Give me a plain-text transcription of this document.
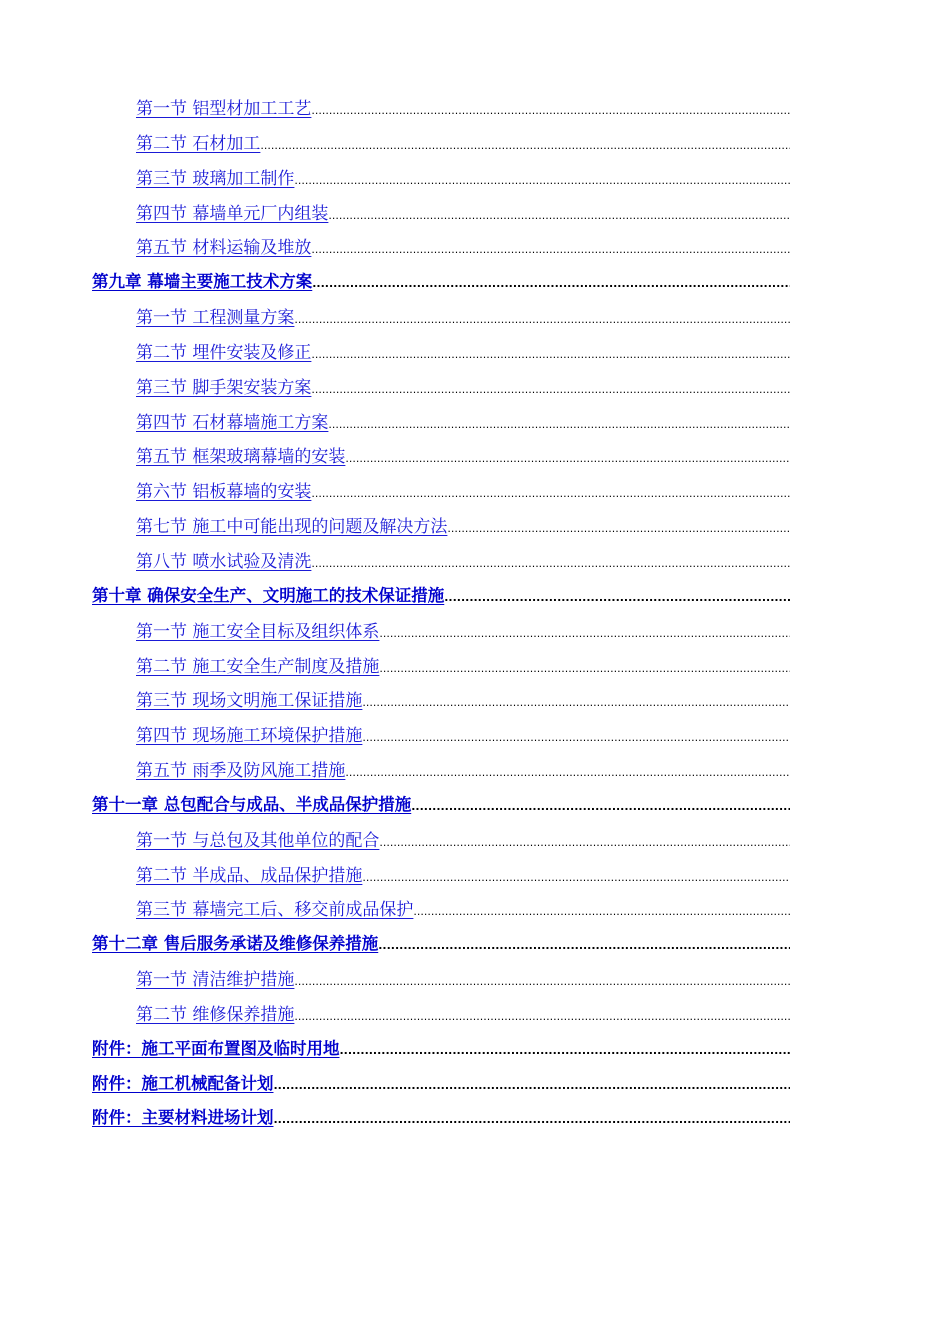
第一节 铝型材加工工艺
.....
第二节 石材加工
.....
第三节 玻璃加工制作
.....
第四节 幕墙单元厂内组装
.....
第五节 材料运输及堆放
.....
第九章 幕墙主要施工技术方案
.....
第一节 工程测量方案
.....
第二节 埋件安装及修正
.....
第三节 脚手架安装方案
.....
第四节 石材幕墙施工方案
.....
第五节 框架玻璃幕墙的安装
.....
第六节 铝板幕墙的安装
.....
第七节 施工中可能出现的问题及解决方法
.....
第八节 喷水试验及清洗
.....
第十章 确保安全生产、文明施工的技术保证措施
.....
第一节 施工安全目标及组织体系
.....
第二节 施工安全生产制度及措施
.....
第三节 现场文明施工保证措施
.....
第四节 现场施工环境保护措施
.....
第五节 雨季及防风施工措施
.....
第十一章 总包配合与成品、半成品保护措施
.....
第一节 与总包及其他单位的配合
.....
第二节 半成品、成品保护措施
.....
第三节 幕墙完工后、移交前成品保护
.....
第十二章 售后服务承诺及维修保养措施
.....
第一节 清洁维护措施
.....
第二节 维修保养措施
.....
附件：施工平面布置图及临时用地
.....
附件：施工机械配备计划
.....
附件：主要材料进场计划
.....
